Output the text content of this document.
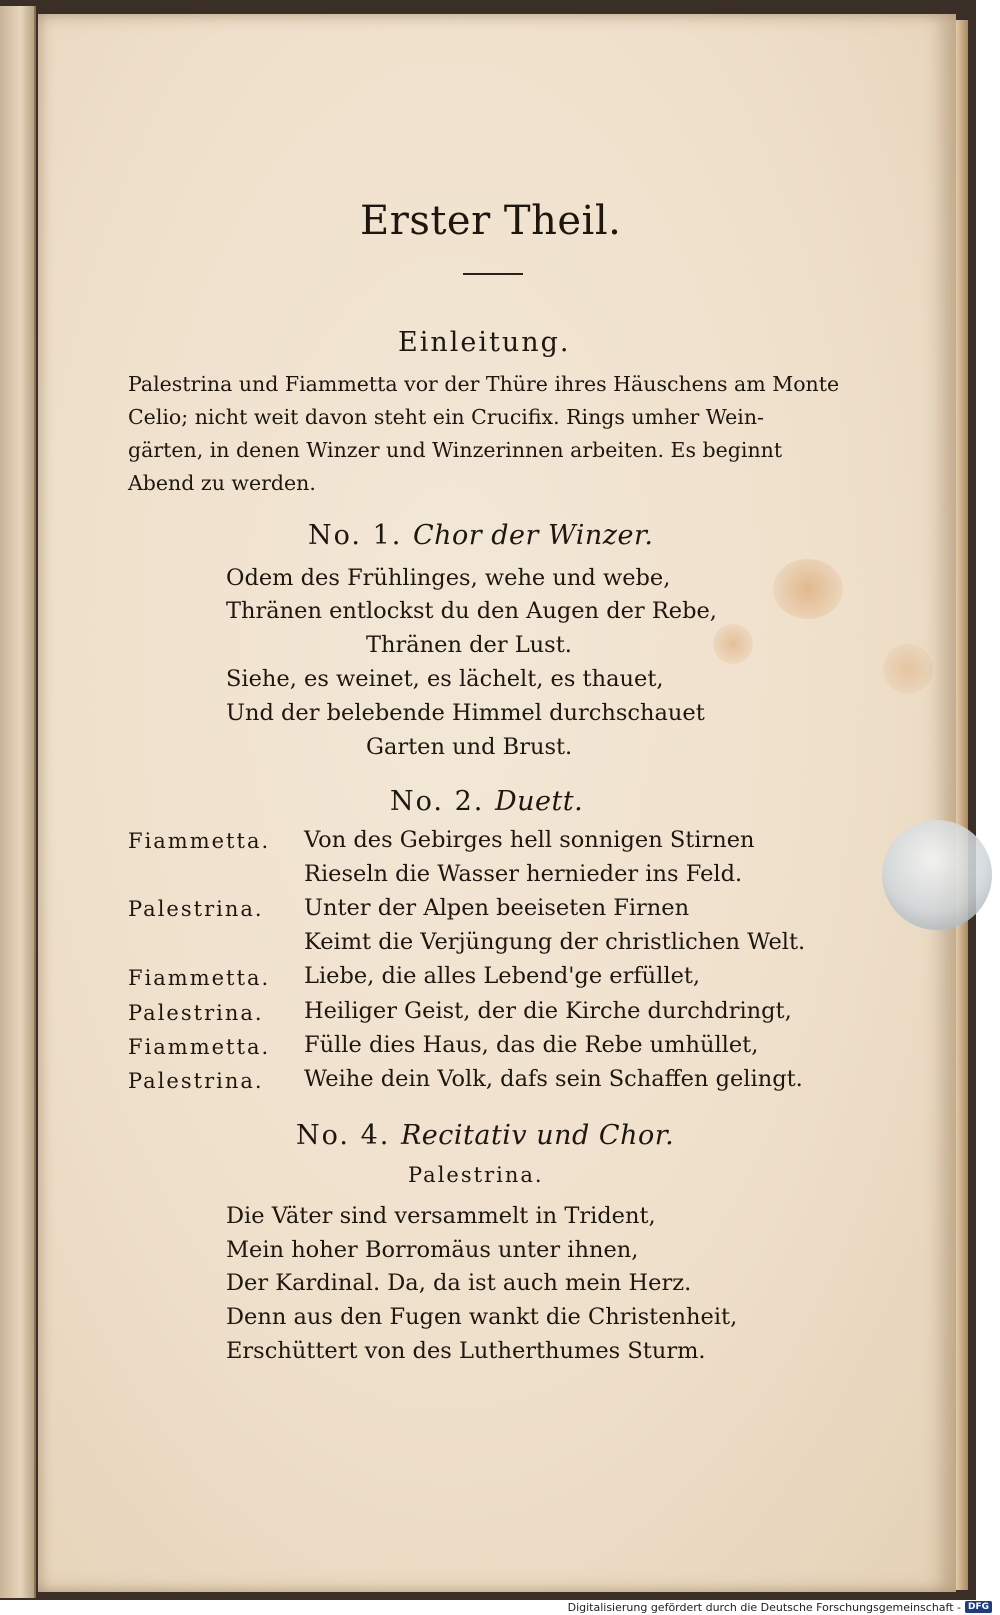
Erster Theil.
Einleitung.
Palestrina und Fiammetta vor der Thüre ihres Häuschens am Monte
Celio; nicht weit davon steht ein Crucifix. Rings umher Wein-
gärten, in denen Winzer und Winzerinnen arbeiten. Es beginnt
Abend zu werden.
No. 1. Chor der Winzer.
Odem des Frühlinges, wehe und webe,
Thränen entlockst du den Augen der Rebe,
Thränen der Lust.
Siehe, es weinet, es lächelt, es thauet,
Und der belebende Himmel durchschauet
Garten und Brust.
No. 2. Duett.
Fiammetta. Von des Gebirges hell sonnigen Stirnen
Rieseln die Wasser hernieder ins Feld.
Palestrina. Unter der Alpen beeiseten Firnen
Keimt die Verjüngung der christlichen Welt.
Fiammetta. Liebe, die alles Lebend'ge erfüllet,
Palestrina. Heiliger Geist, der die Kirche durchdringt,
Fiammetta. Fülle dies Haus, das die Rebe umhüllet,
Palestrina. Weihe dein Volk, dafs sein Schaffen gelingt.
No. 4. Recitativ und Chor.
Palestrina.
Die Väter sind versammelt in Trident,
Mein hoher Borromäus unter ihnen,
Der Kardinal. Da, da ist auch mein Herz.
Denn aus den Fugen wankt die Christenheit,
Erschüttert von des Lutherthumes Sturm.
Digitalisierung gefördert durch die Deutsche Forschungsgemeinschaft - DFG
